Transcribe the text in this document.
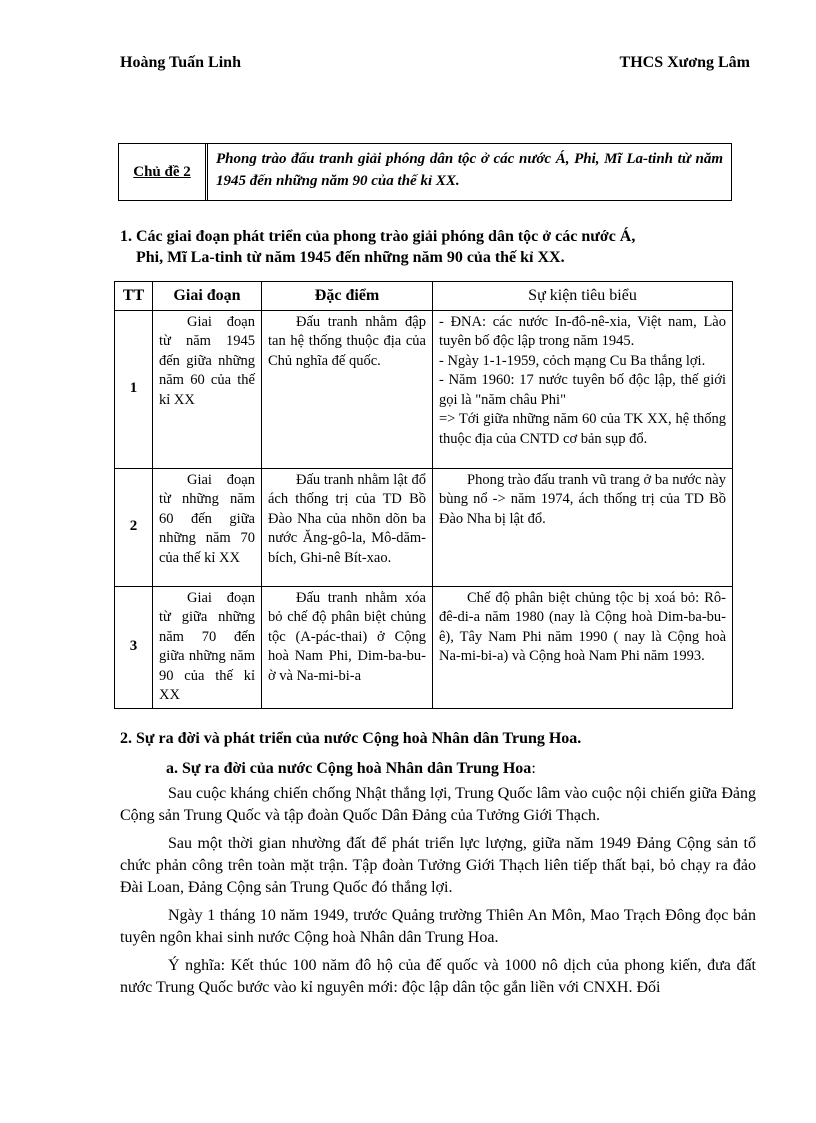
Hoàng Tuấn Linh	THCS Xương Lâm
Chủ đề 2
Phong trào đấu tranh giải phóng dân tộc ở các nước Á, Phi, Mĩ La-tinh từ năm 1945 đến những năm 90 của thế kỉ XX.
1. Các giai đoạn phát triển của phong trào giải phóng dân tộc ở các nước Á,
Phi, Mĩ La-tinh từ năm 1945 đến những năm 90 của thế kỉ XX.
TT	Giai đoạn	Đặc điểm	Sự kiện tiêu biểu
1	Giai đoạn từ năm 1945 đến giữa những năm 60 của thế kỉ XX	Đấu tranh nhằm đập tan hệ thống thuộc địa của Chủ nghĩa đế quốc.	- ĐNA: các nước In-đô-nê-xia, Việt nam, Lào tuyên bố độc lập trong năm 1945.
- Ngày 1-1-1959, cỏch mạng Cu Ba thắng lợi.
- Năm 1960: 17 nước tuyên bố độc lập, thế giới gọi là "năm châu Phi"
=> Tới giữa những năm 60 của TK XX, hệ thống thuộc địa của CNTD cơ bản sụp đổ.

2	Giai đoạn từ những năm 60 đến giữa những năm 70 của thế kỉ XX	Đấu tranh nhằm lật đổ ách thống trị của TD Bồ Đào Nha của nhõn dõn ba nước Ăng-gô-la, Mô-dăm-bích, Ghi-nê Bít-xao.	Phong trào đấu tranh vũ trang ở ba nước này bùng nổ -> năm 1974, ách thống trị của TD Bồ Đào Nha bị lật đổ.
3	Giai đoạn từ giữa những năm 70 đến giữa những năm 90 của thế kỉ XX	Đấu tranh nhằm xóa bỏ chế độ phân biệt chủng tộc (A-pác-thai) ở Cộng hoà Nam Phi, Dim-ba-bu-ờ và Na-mi-bi-a	Chế độ phân biệt chủng tộc bị xoá bỏ: Rô-đê-di-a năm 1980 (nay là Cộng hoà Dim-ba-bu-ê), Tây Nam Phi năm 1990 ( nay là Cộng hoà Na-mi-bi-a) và Cộng hoà Nam Phi năm 1993.
2. Sự ra đời và phát triển của nước Cộng hoà Nhân dân Trung Hoa.
a. Sự ra đời của nước Cộng hoà Nhân dân Trung Hoa:

Sau cuộc kháng chiến chống Nhật thắng lợi, Trung Quốc lâm vào cuộc nội chiến giữa Đảng Cộng sản Trung Quốc và tập đoàn Quốc Dân Đảng của Tưởng Giới Thạch.

Sau một thời gian nhường đất để phát triển lực lượng, giữa năm 1949 Đảng Cộng sản tổ chức phản công trên toàn mặt trận. Tập đoàn Tưởng Giới Thạch liên tiếp thất bại, bỏ chạy ra đảo Đài Loan, Đảng Cộng sản Trung Quốc đó thắng lợi.

Ngày 1 tháng 10 năm 1949, trước Quảng trường Thiên An Môn, Mao Trạch Đông đọc bản tuyên ngôn khai sinh nước Cộng hoà Nhân dân Trung Hoa.

Ý nghĩa: Kết thúc 100 năm đô hộ của đế quốc và 1000 nô dịch của phong kiến, đưa đất nước Trung Quốc bước vào kỉ nguyên mới: độc lập dân tộc gắn liền với CNXH. Đối
